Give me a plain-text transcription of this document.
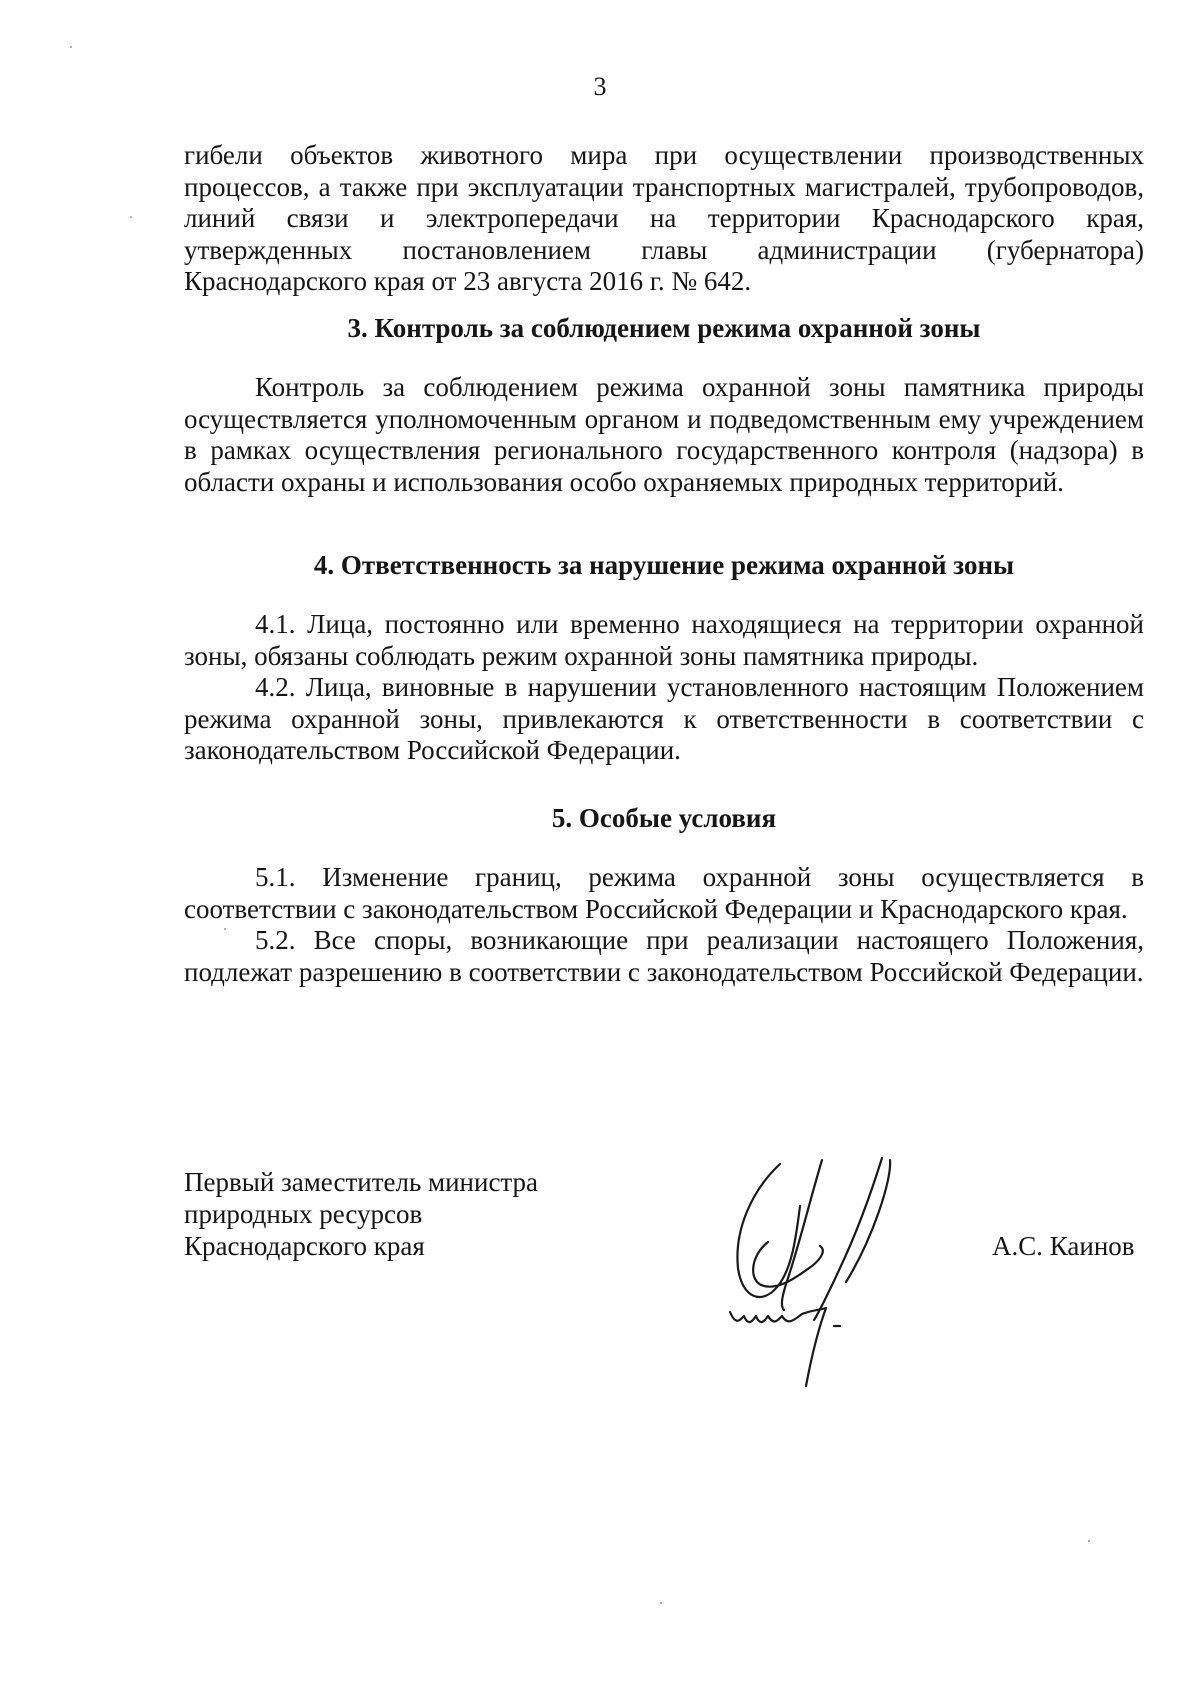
3

гибели объектов животного мира при осуществлении производственных процессов, а также при эксплуатации транспортных магистралей, трубопроводов, линий связи и электропередачи на территории Краснодарского края, утвержденных постановлением главы администрации (губернатора) Краснодарского края от 23 августа 2016 г. № 642.

3. Контроль за соблюдением режима охранной зоны

Контроль за соблюдением режима охранной зоны памятника природы осуществляется уполномоченным органом и подведомственным ему учреждением в рамках осуществления регионального государственного контроля (надзора) в области охраны и использования особо охраняемых природных территорий.

4. Ответственность за нарушение режима охранной зоны

4.1. Лица, постоянно или временно находящиеся на территории охранной зоны, обязаны соблюдать режим охранной зоны памятника природы.

4.2. Лица, виновные в нарушении установленного настоящим Положением режима охранной зоны, привлекаются к ответственности в соответствии с законодательством Российской Федерации.

5. Особые условия

5.1. Изменение границ, режима охранной зоны осуществляется в соответствии с законодательством Российской Федерации и Краснодарского края.

5.2. Все споры, возникающие при реализации настоящего Положения, подлежат разрешению в соответствии с законодательством Российской Федерации.

Первый заместитель министра
природных ресурсов
Краснодарского края	А.С. Каинов
